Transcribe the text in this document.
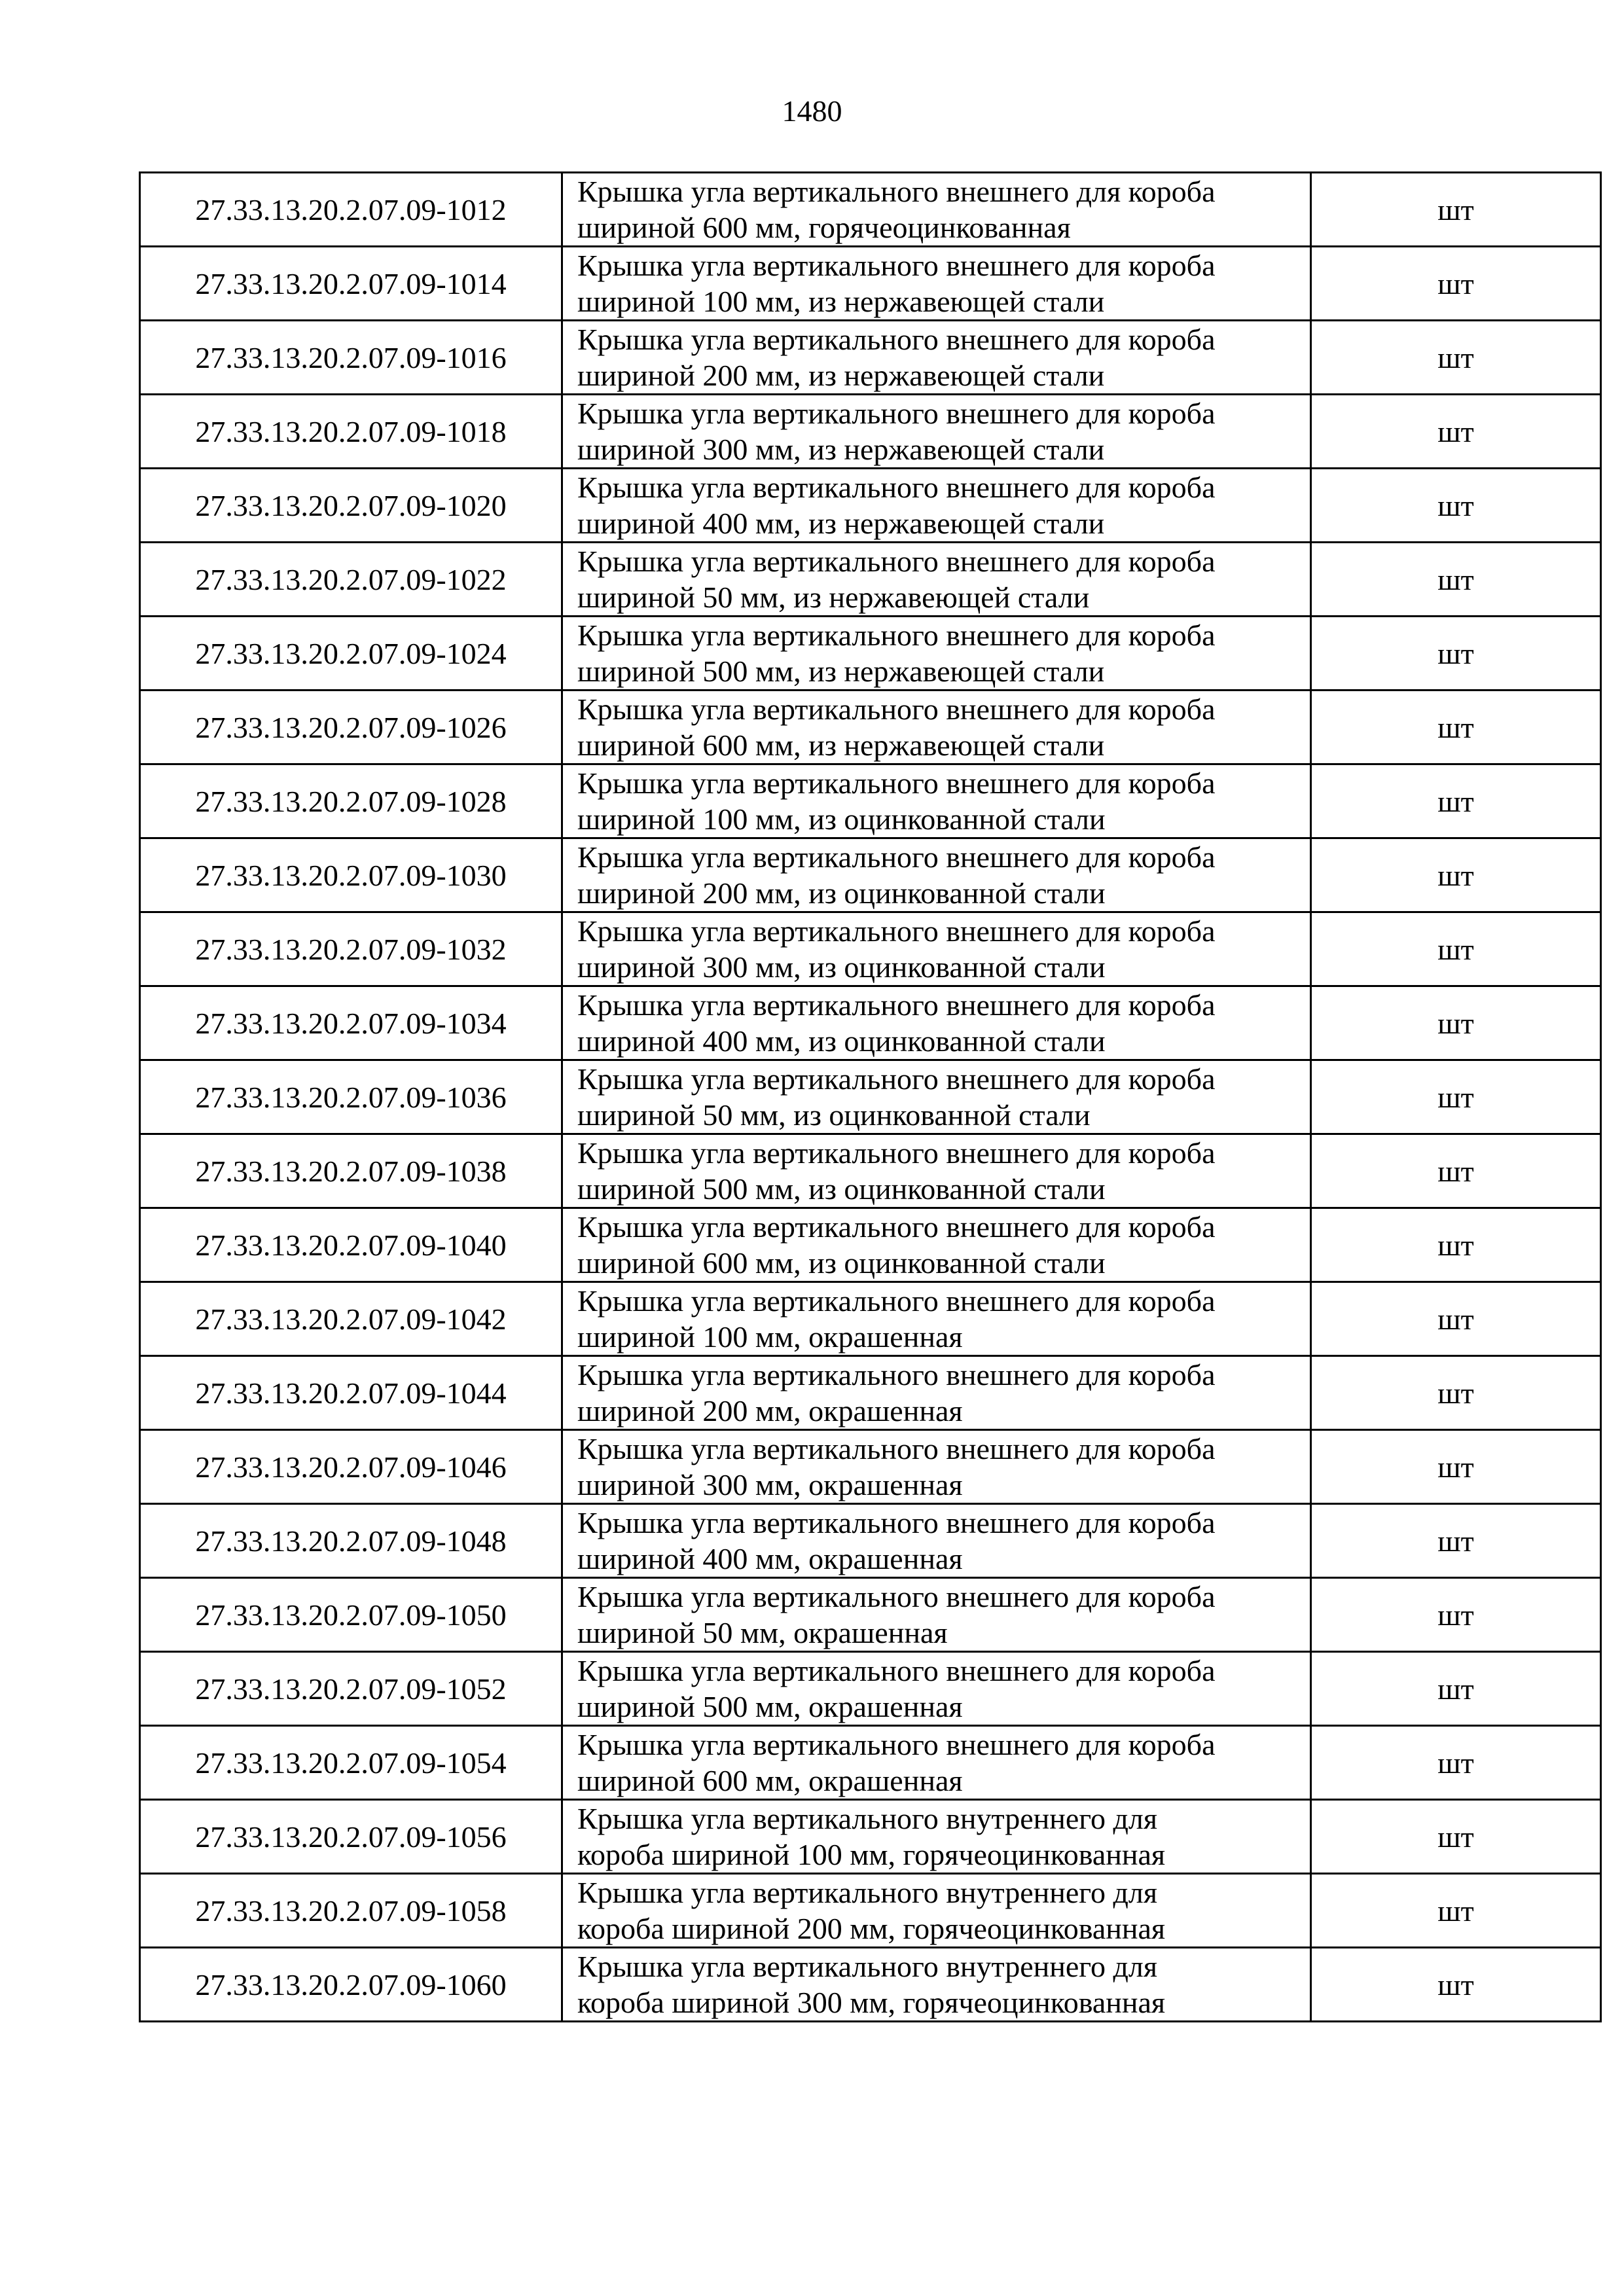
1480
27.33.13.20.2.07.09-1012	Крышка угла вертикального внешнего для короба
шириной 600 мм, горячеоцинкованная	шт
27.33.13.20.2.07.09-1014	Крышка угла вертикального внешнего для короба
шириной 100 мм, из нержавеющей стали	шт
27.33.13.20.2.07.09-1016	Крышка угла вертикального внешнего для короба
шириной 200 мм, из нержавеющей стали	шт
27.33.13.20.2.07.09-1018	Крышка угла вертикального внешнего для короба
шириной 300 мм, из нержавеющей стали	шт
27.33.13.20.2.07.09-1020	Крышка угла вертикального внешнего для короба
шириной 400 мм, из нержавеющей стали	шт
27.33.13.20.2.07.09-1022	Крышка угла вертикального внешнего для короба
шириной 50 мм, из нержавеющей стали	шт
27.33.13.20.2.07.09-1024	Крышка угла вертикального внешнего для короба
шириной 500 мм, из нержавеющей стали	шт
27.33.13.20.2.07.09-1026	Крышка угла вертикального внешнего для короба
шириной 600 мм, из нержавеющей стали	шт
27.33.13.20.2.07.09-1028	Крышка угла вертикального внешнего для короба
шириной 100 мм, из оцинкованной стали	шт
27.33.13.20.2.07.09-1030	Крышка угла вертикального внешнего для короба
шириной 200 мм, из оцинкованной стали	шт
27.33.13.20.2.07.09-1032	Крышка угла вертикального внешнего для короба
шириной 300 мм, из оцинкованной стали	шт
27.33.13.20.2.07.09-1034	Крышка угла вертикального внешнего для короба
шириной 400 мм, из оцинкованной стали	шт
27.33.13.20.2.07.09-1036	Крышка угла вертикального внешнего для короба
шириной 50 мм, из оцинкованной стали	шт
27.33.13.20.2.07.09-1038	Крышка угла вертикального внешнего для короба
шириной 500 мм, из оцинкованной стали	шт
27.33.13.20.2.07.09-1040	Крышка угла вертикального внешнего для короба
шириной 600 мм, из оцинкованной стали	шт
27.33.13.20.2.07.09-1042	Крышка угла вертикального внешнего для короба
шириной 100 мм, окрашенная	шт
27.33.13.20.2.07.09-1044	Крышка угла вертикального внешнего для короба
шириной 200 мм, окрашенная	шт
27.33.13.20.2.07.09-1046	Крышка угла вертикального внешнего для короба
шириной 300 мм, окрашенная	шт
27.33.13.20.2.07.09-1048	Крышка угла вертикального внешнего для короба
шириной 400 мм, окрашенная	шт
27.33.13.20.2.07.09-1050	Крышка угла вертикального внешнего для короба
шириной 50 мм, окрашенная	шт
27.33.13.20.2.07.09-1052	Крышка угла вертикального внешнего для короба
шириной 500 мм, окрашенная	шт
27.33.13.20.2.07.09-1054	Крышка угла вертикального внешнего для короба
шириной 600 мм, окрашенная	шт
27.33.13.20.2.07.09-1056	Крышка угла вертикального внутреннего для
короба шириной 100 мм, горячеоцинкованная	шт
27.33.13.20.2.07.09-1058	Крышка угла вертикального внутреннего для
короба шириной 200 мм, горячеоцинкованная	шт
27.33.13.20.2.07.09-1060	Крышка угла вертикального внутреннего для
короба шириной 300 мм, горячеоцинкованная	шт
